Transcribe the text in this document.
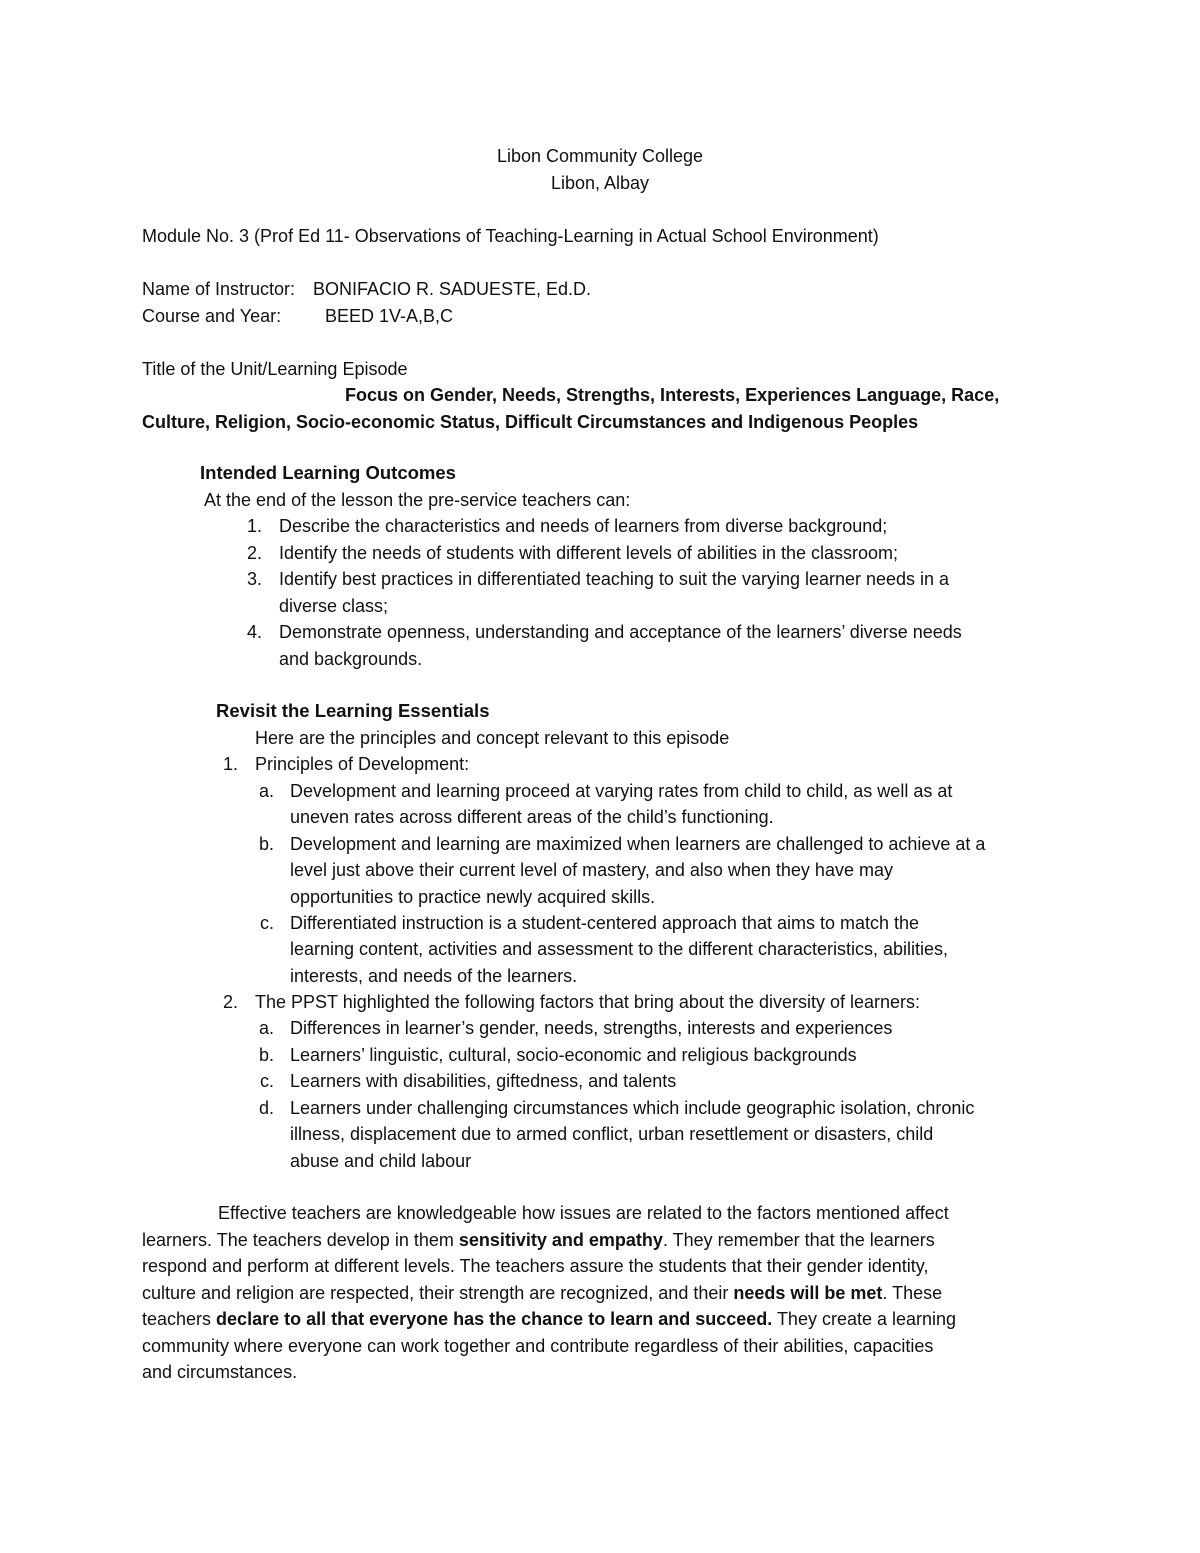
Libon Community College
Libon, Albay
Module No. 3 (Prof Ed 11- Observations of Teaching-Learning in Actual School Environment)
Name of Instructor: BONIFACIO R. SADUESTE, Ed.D.
Course and Year: BEED 1V-A,B,C
Title of the Unit/Learning Episode
Focus on Gender, Needs, Strengths, Interests, Experiences Language, Race,
Culture, Religion, Socio-economic Status, Difficult Circumstances and Indigenous Peoples
Intended Learning Outcomes
At the end of the lesson the pre-service teachers can:
1. Describe the characteristics and needs of learners from diverse background;
2. Identify the needs of students with different levels of abilities in the classroom;
3. Identify best practices in differentiated teaching to suit the varying learner needs in a
diverse class;
4. Demonstrate openness, understanding and acceptance of the learners’ diverse needs
and backgrounds.
Revisit the Learning Essentials
Here are the principles and concept relevant to this episode
1. Principles of Development:
a. Development and learning proceed at varying rates from child to child, as well as at
uneven rates across different areas of the child’s functioning.
b. Development and learning are maximized when learners are challenged to achieve at a
level just above their current level of mastery, and also when they have may
opportunities to practice newly acquired skills.
c. Differentiated instruction is a student-centered approach that aims to match the
learning content, activities and assessment to the different characteristics, abilities,
interests, and needs of the learners.
2. The PPST highlighted the following factors that bring about the diversity of learners:
a. Differences in learner’s gender, needs, strengths, interests and experiences
b. Learners’ linguistic, cultural, socio-economic and religious backgrounds
c. Learners with disabilities, giftedness, and talents
d. Learners under challenging circumstances which include geographic isolation, chronic
illness, displacement due to armed conflict, urban resettlement or disasters, child
abuse and child labour
Effective teachers are knowledgeable how issues are related to the factors mentioned affect
learners. The teachers develop in them sensitivity and empathy. They remember that the learners
respond and perform at different levels. The teachers assure the students that their gender identity,
culture and religion are respected, their strength are recognized, and their needs will be met. These
teachers declare to all that everyone has the chance to learn and succeed. They create a learning
community where everyone can work together and contribute regardless of their abilities, capacities
and circumstances.
